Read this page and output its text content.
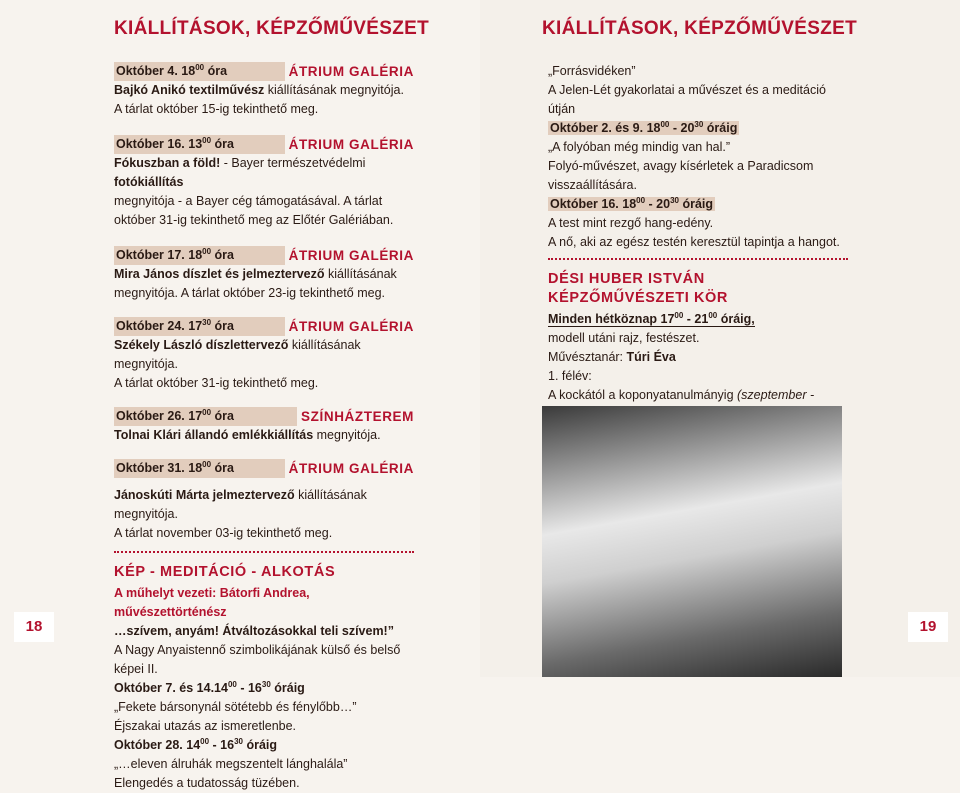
KIÁLLÍTÁSOK, KÉPZŐMŰVÉSZET
Október 4. $18^{00}$ óra	ÁTRIUM GALÉRIA
Bajkó Anikó textilművész kiállításának megnyitója.
A tárlat október 15-ig tekinthető meg.
Október 16. $13^{00}$ óra	ÁTRIUM GALÉRIA
Fókuszban a föld! - Bayer természetvédelmi fotókiállítás
megnyitója - a Bayer cég támogatásával. A tárlat október 31-ig tekinthető meg az Előtér Galériában.
Október 17. $18^{00}$ óra	ÁTRIUM GALÉRIA
Mira János díszlet és jelmeztervező kiállításának
megnyitója. A tárlat október 23-ig tekinthető meg.
Október 24. $17^{30}$ óra	ÁTRIUM GALÉRIA
Székely László díszlettervező kiállításának megnyitója.
A tárlat október 31-ig tekinthető meg.
Október 26. $17^{00}$ óra	SZÍNHÁZTEREM
Tolnai Klári állandó emlékkiállítás megnyitója.
Október 31. $18^{00}$ óra	ÁTRIUM GALÉRIA
Jánoskúti Márta jelmeztervező kiállításának megnyitója.
A tárlat november 03-ig tekinthető meg.
KÉP - MEDITÁCIÓ - ALKOTÁS
A műhelyt vezeti: Bátorfi Andrea, művészettörténész
…szívem, anyám! Átváltozásokkal teli szívem!”
A Nagy Anyaistennő szimbolikájának külső és belső képei II.
Október 7. és $14.14^{00} - 16^{30}$ óráig
„Fekete bársonynál sötétebb és fénylőbb…”
Éjszakai utazás az ismeretlenbe.
Október 28. $14^{00} - 16^{30}$ óráig
„…eleven álruhák megszentelt lánghalála”
Elengedés a tudatosság tüzében.
18
KIÁLLÍTÁSOK, KÉPZŐMŰVÉSZET
„Forrásvidéken”
A Jelen-Lét gyakorlatai a művészet és a meditáció útján
Október 2. és 9. $18^{00} - 20^{30}$ óráig
„A folyóban még mindig van hal.”
Folyó-művészet, avagy kísérletek a Paradicsom visszaállítására.
Október 16. $18^{00} - 20^{30}$ óráig
A test mint rezgő hang-edény.
A nő, aki az egész testén keresztül tapintja a hangot.
DÉSI HUBER ISTVÁN KÉPZŐMŰVÉSZETI KÖR
Minden hétköznap $17^{00} - 21^{00}$ óráig,
modell utáni rajz, festészet.
Művésztanár: Túri Éva
1. félév:
A kockától a koponyatanulmányig (szeptember -
19
